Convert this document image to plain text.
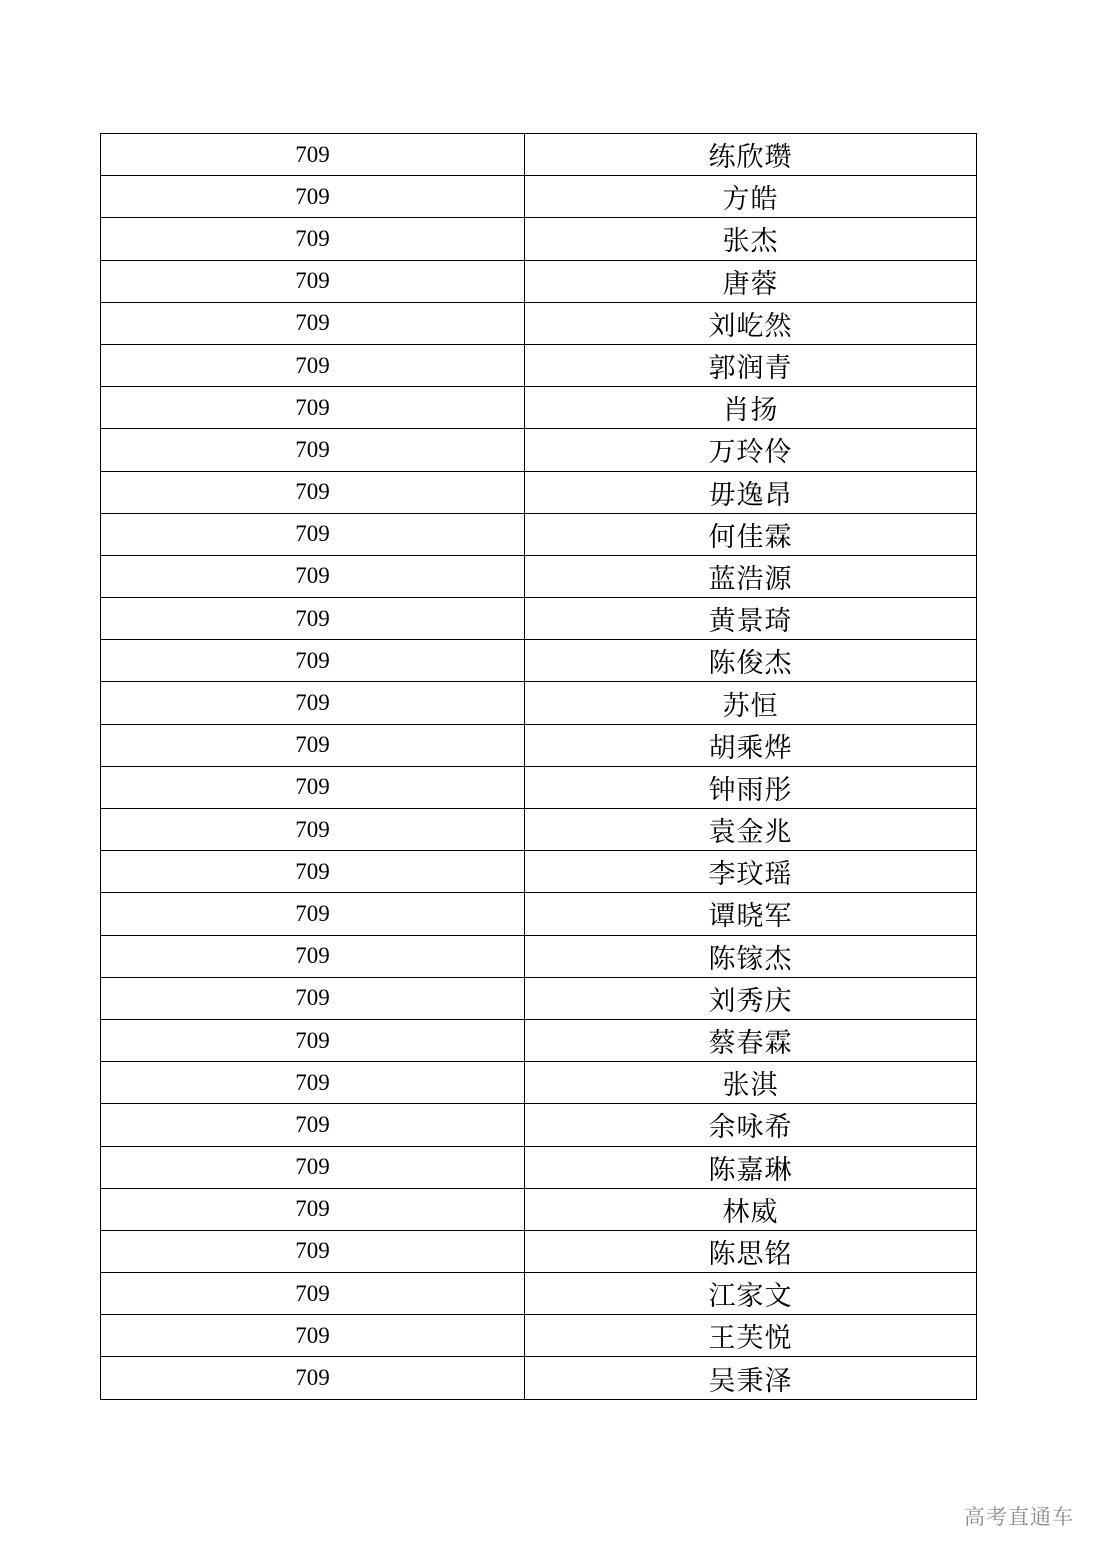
709	练欣瓒
709	方皓
709	张杰
709	唐蓉
709	刘屹然
709	郭润青
709	肖扬
709	万玲伶
709	毋逸昂
709	何佳霖
709	蓝浩源
709	黄景琦
709	陈俊杰
709	苏恒
709	胡乘烨
709	钟雨彤
709	袁金兆
709	李玟瑶
709	谭晓军
709	陈镓杰
709	刘秀庆
709	蔡春霖
709	张淇
709	余咏希
709	陈嘉琳
709	林威
709	陈思铭
709	江家文
709	王芙悦
709	吴秉泽
高考直通车
